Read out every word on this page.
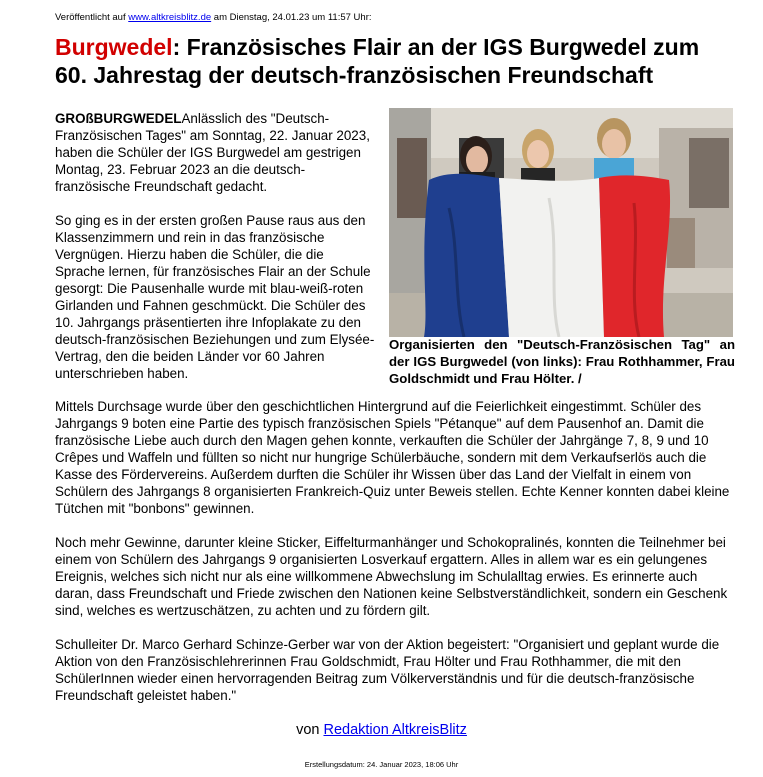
Veröffentlicht auf www.altkreisblitz.de am Dienstag, 24.01.23 um 11:57 Uhr:
Burgwedel: Französisches Flair an der IGS Burgwedel zum 60. Jahrestag der deutsch-französischen Freundschaft

GROßBURGWEDELAnlässlich des "Deutsch-Französischen Tages" am Sonntag, 22. Januar 2023, haben die Schüler der IGS Burgwedel am gestrigen Montag, 23. Februar 2023 an die deutsch-französische Freundschaft gedacht.

So ging es in der ersten großen Pause raus aus den Klassenzimmern und rein in das französische Vergnügen. Hierzu haben die Schüler, die die Sprache lernen, für französisches Flair an der Schule gesorgt: Die Pausenhalle wurde mit blau-weiß-roten Girlanden und Fahnen geschmückt. Die Schüler des 10. Jahrgangs präsentierten ihre Infoplakate zu den deutsch-französischen Beziehungen und zum Elysée-Vertrag, den die beiden Länder vor 60 Jahren unterschrieben haben.

Organisierten den "Deutsch-Französischen Tag" an der IGS Burgwedel (von links): Frau Rothhammer, Frau Goldschmidt und Frau Hölter. /

Mittels Durchsage wurde über den geschichtlichen Hintergrund auf die Feierlichkeit eingestimmt. Schüler des Jahrgangs 9 boten eine Partie des typisch französischen Spiels "Pétanque" auf dem Pausenhof an. Damit die französische Liebe auch durch den Magen gehen konnte, verkauften die Schüler der Jahrgänge 7, 8, 9 und 10 Crêpes und Waffeln und füllten so nicht nur hungrige Schülerbäuche, sondern mit dem Verkaufserlös auch die Kasse des Fördervereins. Außerdem durften die Schüler ihr Wissen über das Land der Vielfalt in einem von Schülern des Jahrgangs 8 organisierten Frankreich-Quiz unter Beweis stellen. Echte Kenner konnten dabei kleine Tütchen mit "bonbons" gewinnen.

Noch mehr Gewinne, darunter kleine Sticker, Eiffelturmanhänger und Schokopralinés, konnten die Teilnehmer bei einem von Schülern des Jahrgangs 9 organisierten Losverkauf ergattern. Alles in allem war es ein gelungenes Ereignis, welches sich nicht nur als eine willkommene Abwechslung im Schulalltag erwies. Es erinnerte auch daran, dass Freundschaft und Friede zwischen den Nationen keine Selbstverständlichkeit, sondern ein Geschenk sind, welches es wertzuschätzen, zu achten und zu fördern gilt.

Schulleiter Dr. Marco Gerhard Schinze-Gerber war von der Aktion begeistert: "Organisiert und geplant wurde die Aktion von den Französischlehrerinnen Frau Goldschmidt, Frau Hölter und Frau Rothhammer, die mit den SchülerInnen wieder einen hervorragenden Beitrag zum Völkerverständnis und für die deutsch-französische Freundschaft geleistet haben."

von Redaktion AltkreisBlitz
Erstellungsdatum: 24. Januar 2023, 18:06 Uhr
